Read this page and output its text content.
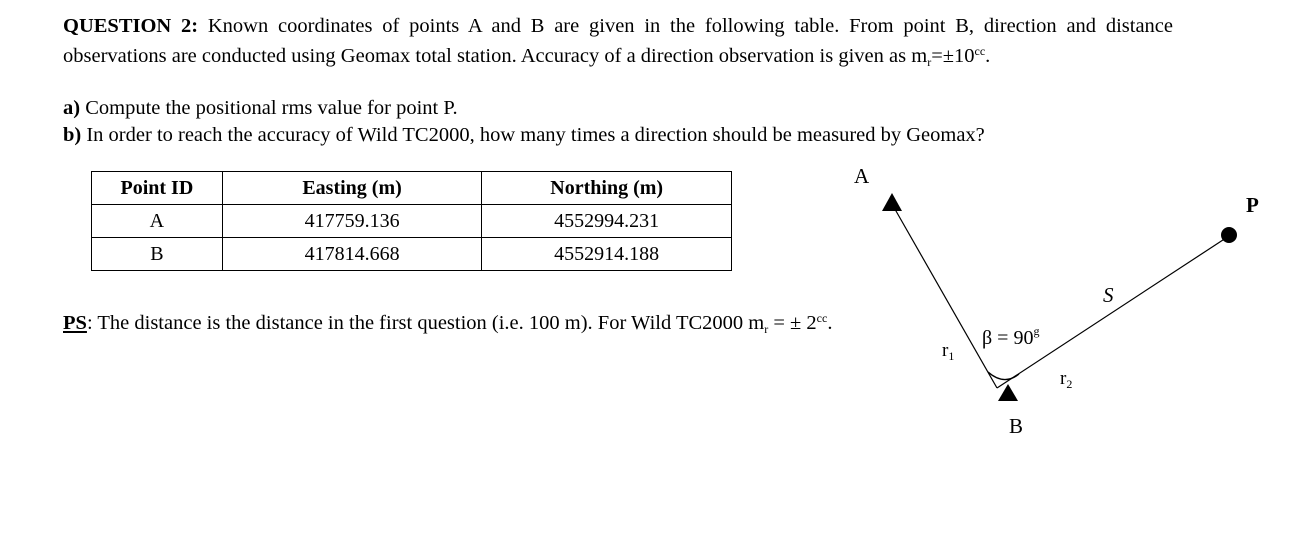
QUESTION 2: Known coordinates of points A and B are given in the following table. From point B, direction and distance observations are conducted using Geomax total station. Accuracy of a direction observation is given as $m_r=\pm 10^{cc}$.
a) Compute the positional rms value for point P.
b) In order to reach the accuracy of Wild TC2000, how many times a direction should be measured by Geomax?
Point ID	Easting (m)	Northing (m)
A	417759.136	4552994.231
B	417814.668	4552914.188
PS: The distance is the distance in the first question (i.e. 100 m). For Wild TC2000 $m_r$ = ± $2^{cc}$.
A
B
P
S
$r_1$
$r_2$
$\beta = 90^g$
